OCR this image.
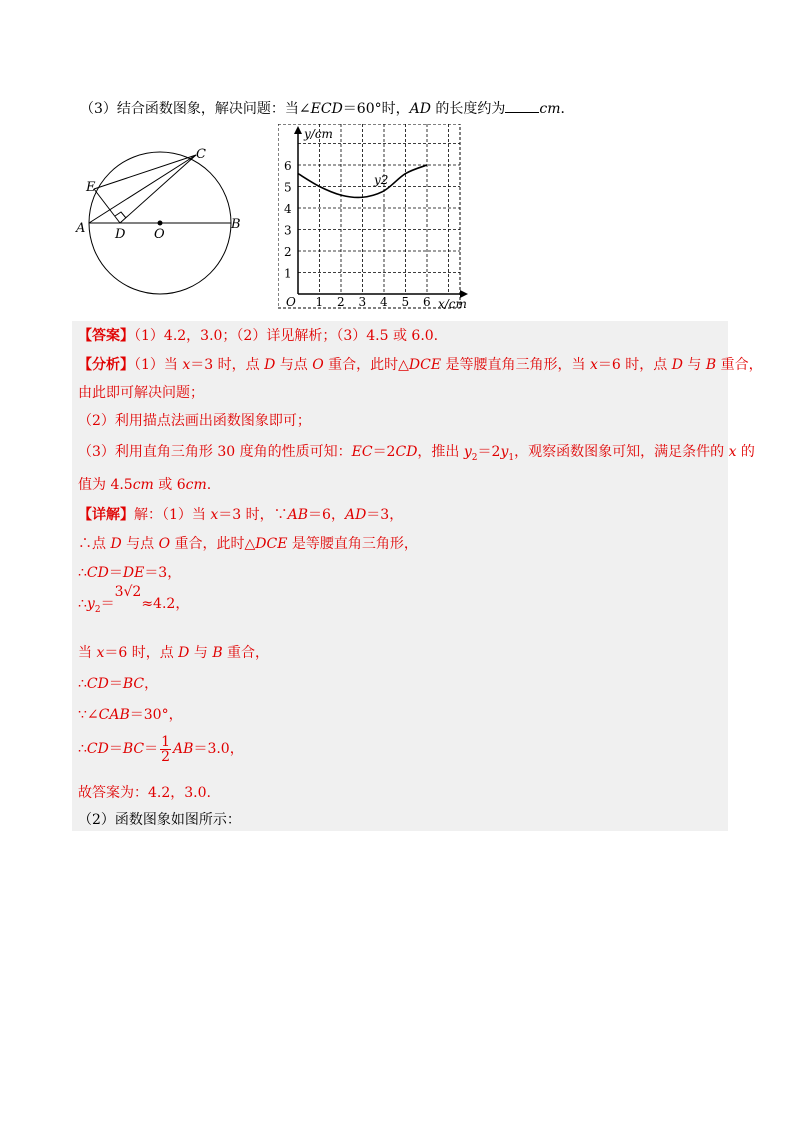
（3）结合函数图象，解决问题：当∠ECD＝60°时，AD 的长度约为 cm．
E
C
A D O
B
y/cm
x/cm
O
y2
1 2 3 4 5 6
1
2
3
4
5
6
【答案】（1）4.2，3.0；（2）详见解析；（3）4.5 或 6.0.
【分析】（1）当 x＝3 时，点 D 与点 O 重合，此时△DCE 是等腰直角三角形，当 x＝6 时，点 D 与 B 重合，
由此即可解决问题；
（2）利用描点法画出函数图象即可；
（3）利用直角三角形 30 度角的性质可知：EC＝2CD，推出 $y_2=2y_1$，观察函数图象可知，满足条件的 x 的
值为 4.5cm 或 6cm.
【详解】解：（1）当 x＝3 时，∵AB＝6，AD＝3，
∴点 D 与点 O 重合，此时△DCE 是等腰直角三角形，
∴CD＝DE＝3，
$\therefore y_2=3√2\approx 4.2$，
当 x＝6 时，点 D 与 B 重合，
∴CD＝BC，
∵∠CAB＝30°，
∴CD＝BC＝ $\frac{1}{2} AB=3.0$，
故答案为：4.2，3.0.
（2）函数图象如图所示：
